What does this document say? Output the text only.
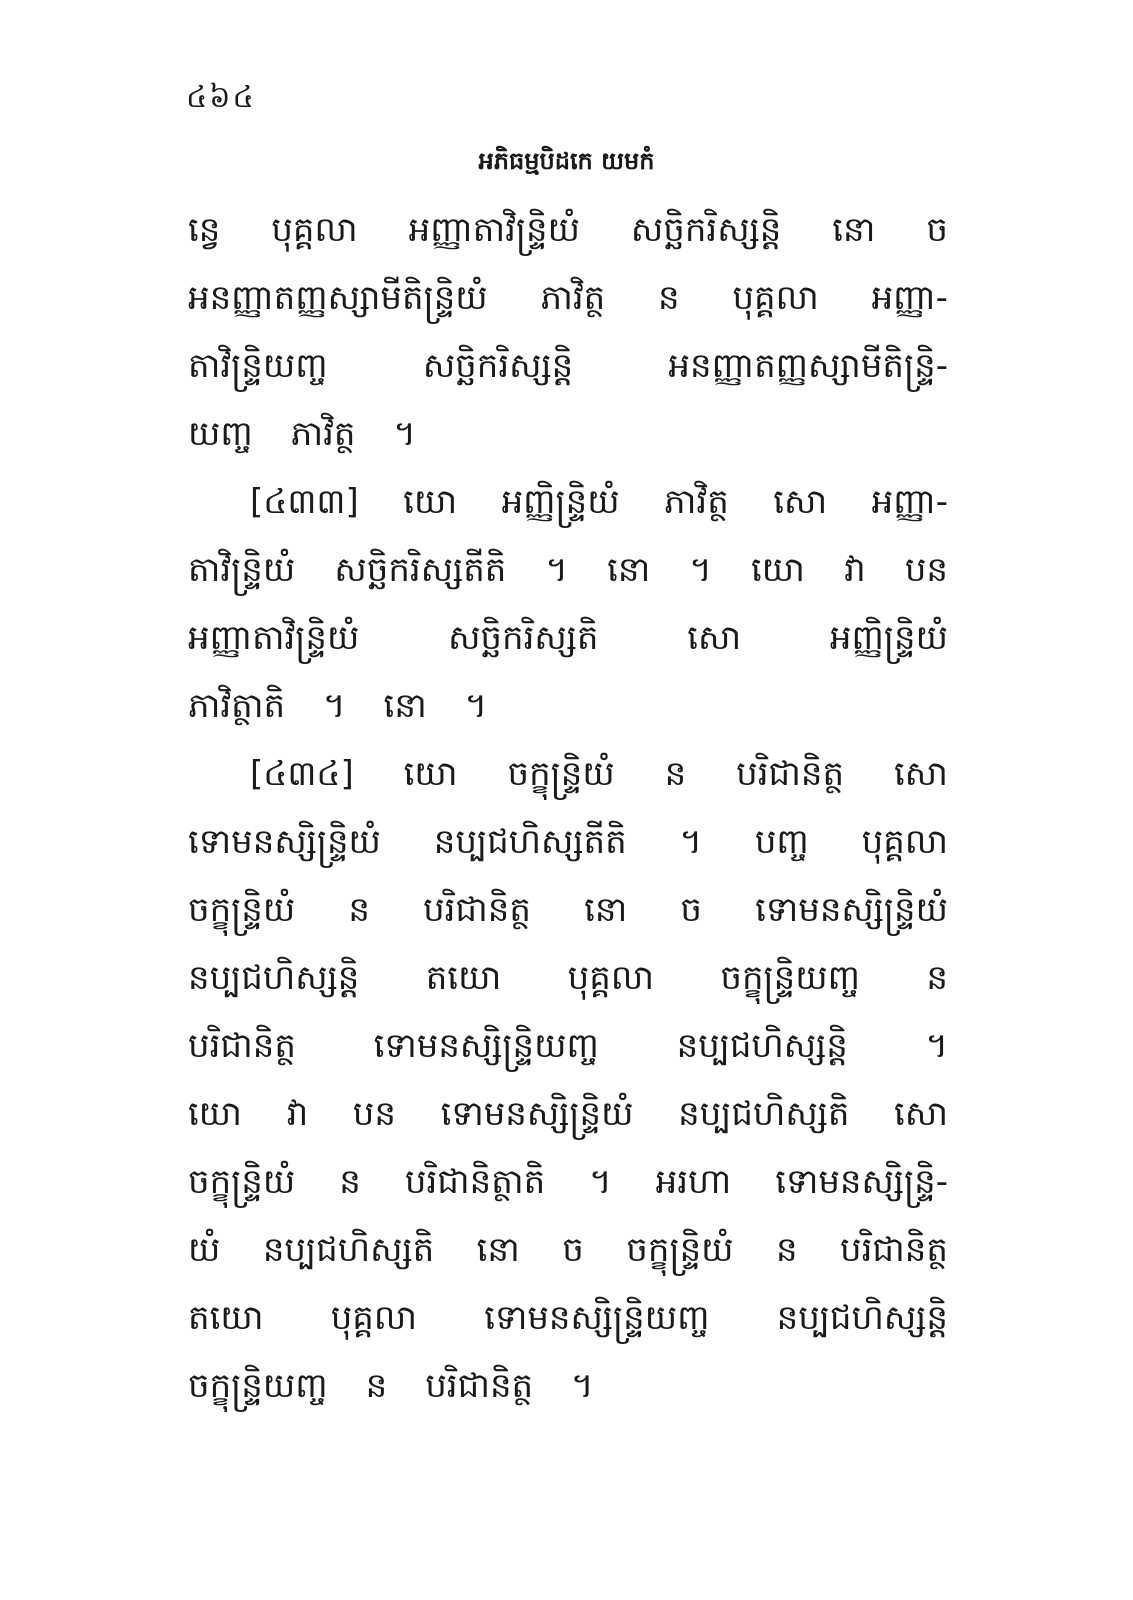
៤៦៤
អភិធម្មបិដកេ យមកំ
នេ្វ បុគ្គលា អញ្ញាតាវិន្ទ្រិយំ សច្ឆិករិស្សន្តិ នោ ច
អនញ្ញាតញ្ញស្សាមីតិន្ទ្រិយំ ភាវិត្ថ ន បុគ្គលា អញ្ញា-
តាវិន្ទ្រិយញ្ច	សច្ឆិករិស្សន្តិ	អនញ្ញាតញ្ញស្សាមីតិន្ទ្រិ-
យញ្ច ភាវិត្ថ ។
[៤៣៣] យោ អញ្ញិន្ទ្រិយំ ភាវិត្ថ សោ អញ្ញា-
តាវិន្ទ្រិយំ សច្ឆិករិស្សតីតិ ។ នោ ។ យោ វា បន
អញ្ញាតាវិន្ទ្រិយំ	សច្ឆិករិស្សតិ	សោ	អញ្ញិន្ទ្រិយំ
ភាវិត្ថាតិ ។ នោ ។
[៤៣៤] យោ ចក្ខុន្ទ្រិយំ ន បរិជានិត្ថ សោ
ទោមនស្សិន្ទ្រិយំ នប្បជហិស្សតីតិ ។ បញ្ច បុគ្គលា
ចក្ខុន្ទ្រិយំ ន បរិជានិត្ថ នោ ច ទោមនស្សិន្ទ្រិយំ
នប្បជហិស្សន្តិ តយោ បុគ្គលា ចក្ខុន្ទ្រិយញ្ច ន
បរិជានិត្ថ ទោមនស្សិន្ទ្រិយញ្ច នប្បជហិស្សន្តិ ។
យោ វា បន ទោមនស្សិន្ទ្រិយំ នប្បជហិស្សតិ សោ
ចក្ខុន្ទ្រិយំ ន បរិជានិត្ថាតិ ។ អរហា ទោមនស្សិន្ទ្រិ-
យំ នប្បជហិស្សតិ នោ ច ចក្ខុន្ទ្រិយំ ន បរិជានិត្ថ
តយោ បុគ្គលា ទោមនស្សិន្ទ្រិយញ្ច នប្បជហិស្សន្តិ
ចក្ខុន្ទ្រិយញ្ច ន បរិជានិត្ថ ។
